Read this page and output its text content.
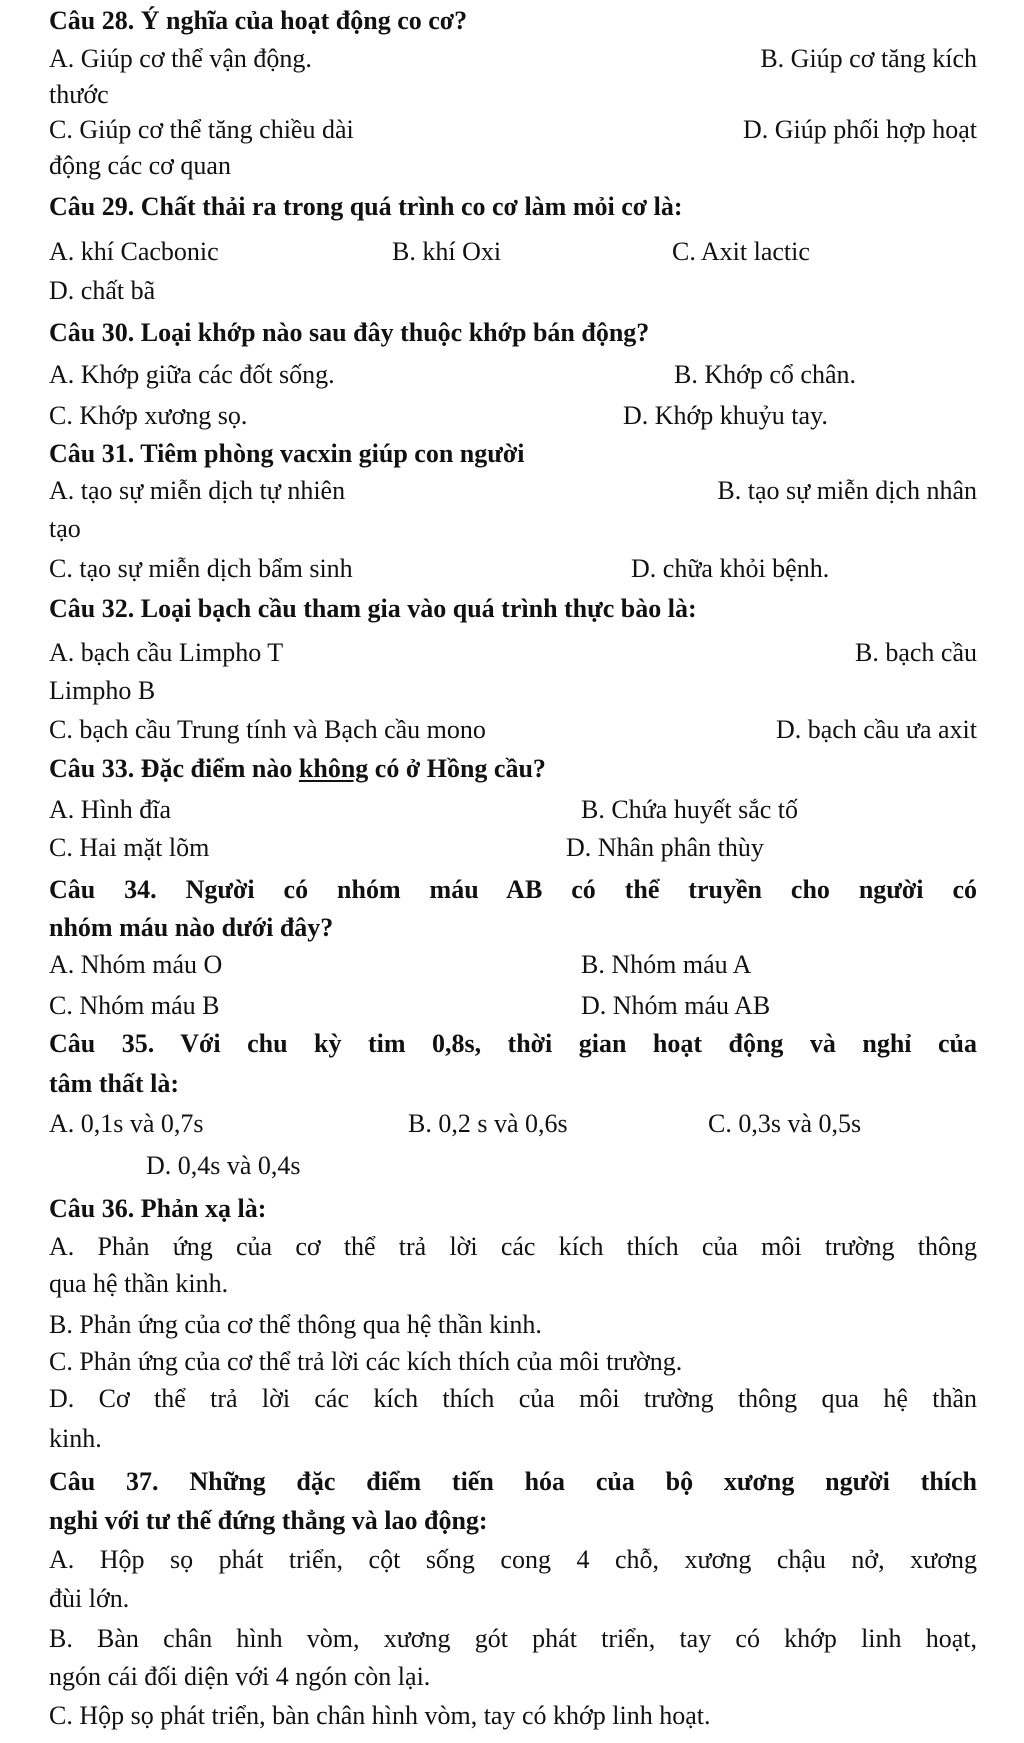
Câu 28. Ý nghĩa của hoạt động co cơ?
A. Giúp cơ thể vận động.	B. Giúp cơ tăng kích
thước
C. Giúp cơ thể tăng chiều dài	D. Giúp phối hợp hoạt
động các cơ quan
Câu 29. Chất thải ra trong quá trình co cơ làm mỏi cơ là:
A. khí Cacbonic	B. khí Oxi	C. Axit lactic
D. chất bã
Câu 30. Loại khớp nào sau đây thuộc khớp bán động?
A. Khớp giữa các đốt sống.	B. Khớp cổ chân.
C. Khớp xương sọ.	D. Khớp khuỷu tay.
Câu 31. Tiêm phòng vacxin giúp con người
A. tạo sự miễn dịch tự nhiên	B. tạo sự miễn dịch nhân
tạo
C. tạo sự miễn dịch bẩm sinh	D. chữa khỏi bệnh.
Câu 32. Loại bạch cầu tham gia vào quá trình thực bào là:
A. bạch cầu Limpho T	B. bạch cầu
Limpho B
C. bạch cầu Trung tính và Bạch cầu mono	D. bạch cầu ưa axit
Câu 33. Đặc điểm nào không có ở Hồng cầu?
A. Hình đĩa	B. Chứa huyết sắc tố
C. Hai mặt lõm	D. Nhân phân thùy
Câu 34. Người có nhóm máu AB có thể truyền cho người có
nhóm máu nào dưới đây?
A. Nhóm máu O	B. Nhóm máu A
C. Nhóm máu B	D. Nhóm máu AB
Câu 35. Với chu kỳ tim 0,8s, thời gian hoạt động và nghỉ của
tâm thất là:
A. 0,1s và 0,7s	B. 0,2 s và 0,6s	C. 0,3s và 0,5s
D. 0,4s và 0,4s
Câu 36. Phản xạ là:
A. Phản ứng của cơ thể trả lời các kích thích của môi trường thông
qua hệ thần kinh.
B. Phản ứng của cơ thể thông qua hệ thần kinh.
C. Phản ứng của cơ thể trả lời các kích thích của môi trường.
D. Cơ thể trả lời các kích thích của môi trường thông qua hệ thần
kinh.
Câu 37. Những đặc điểm tiến hóa của bộ xương người thích
nghi với tư thế đứng thẳng và lao động:
A. Hộp sọ phát triển, cột sống cong 4 chỗ, xương chậu nở, xương
đùi lớn.
B. Bàn chân hình vòm, xương gót phát triển, tay có khớp linh hoạt,
ngón cái đối diện với 4 ngón còn lại.
C. Hộp sọ phát triển, bàn chân hình vòm, tay có khớp linh hoạt.
